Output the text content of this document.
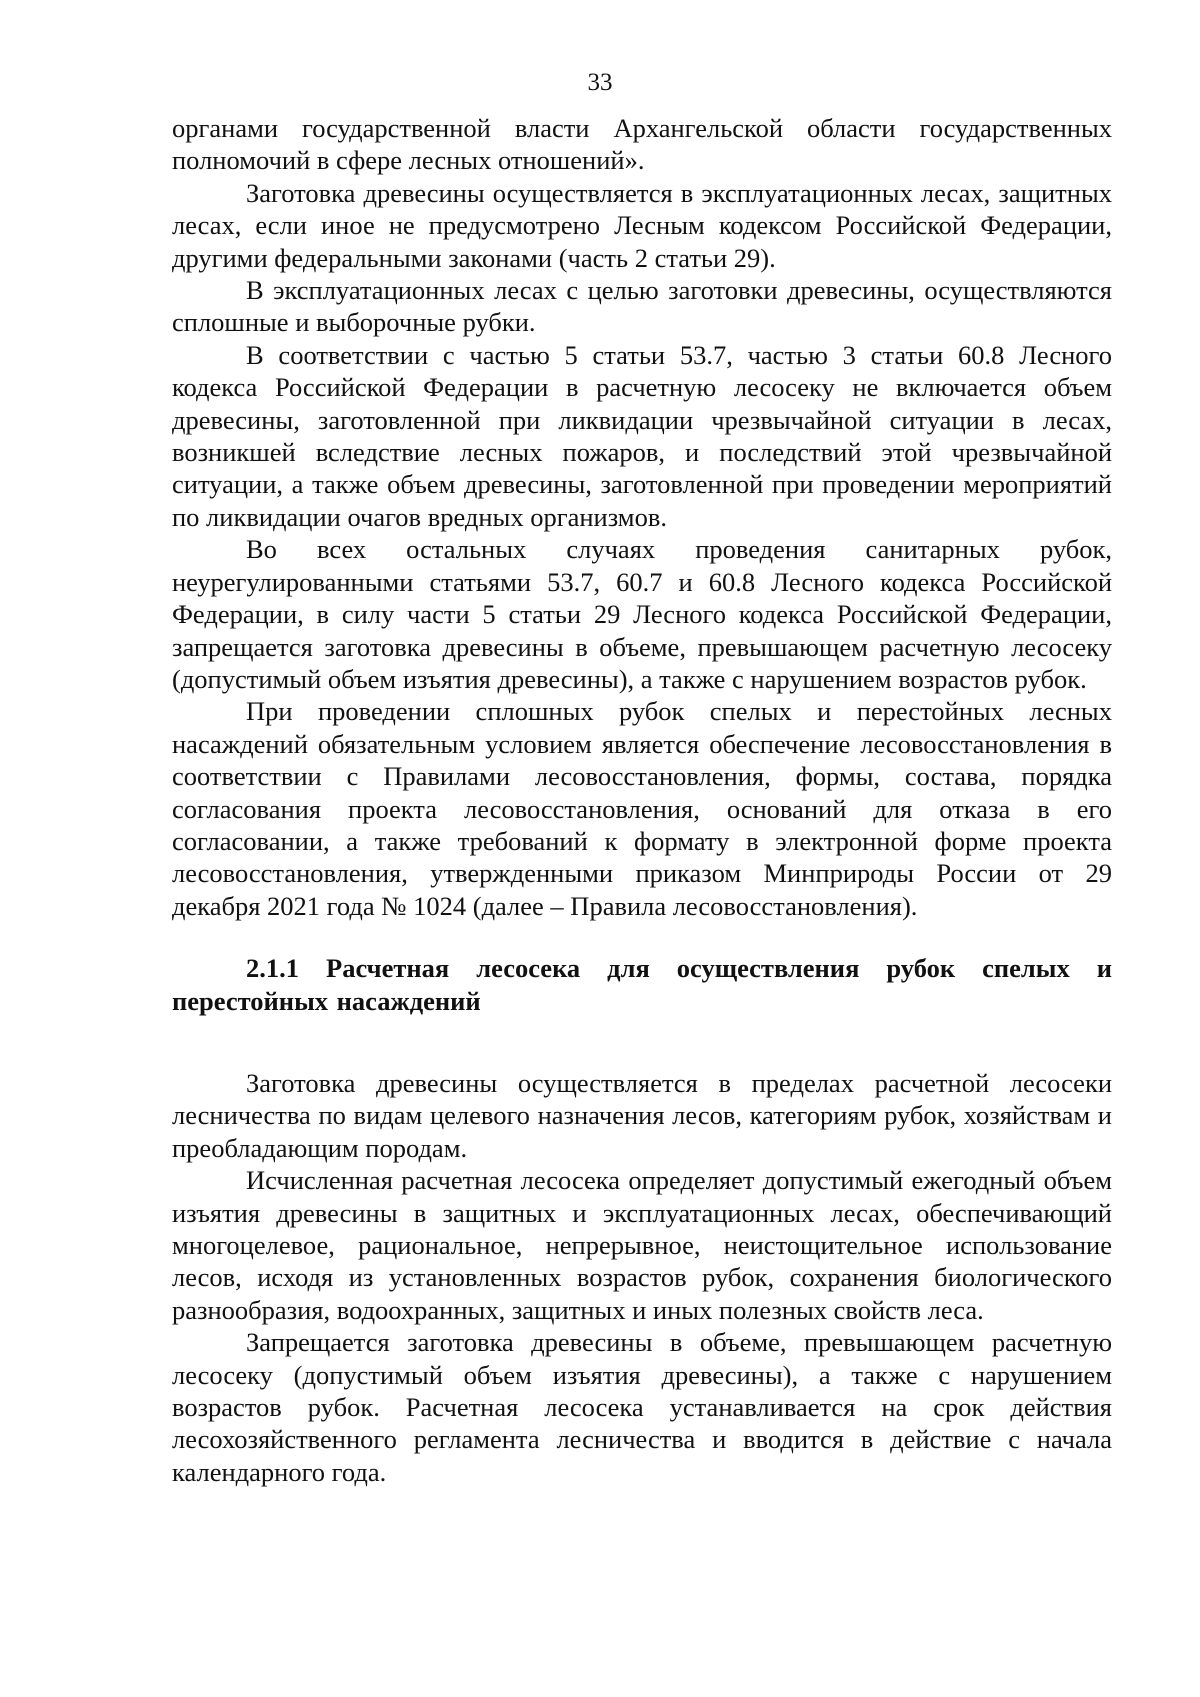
33

органами государственной власти Архангельской области государственных полномочий в сфере лесных отношений».

Заготовка древесины осуществляется в эксплуатационных лесах, защитных лесах, если иное не предусмотрено Лесным кодексом Российской Федерации, другими федеральными законами (часть 2 статьи 29).

В эксплуатационных лесах с целью заготовки древесины, осуществляются сплошные и выборочные рубки.

В соответствии с частью 5 статьи 53.7, частью 3 статьи 60.8 Лесного кодекса Российской Федерации в расчетную лесосеку не включается объем древесины, заготовленной при ликвидации чрезвычайной ситуации в лесах, возникшей вследствие лесных пожаров, и последствий этой чрезвычайной ситуации, а также объем древесины, заготовленной при проведении мероприятий по ликвидации очагов вредных организмов.

Во всех остальных случаях проведения санитарных рубок, неурегулированными статьями 53.7, 60.7 и 60.8 Лесного кодекса Российской Федерации, в силу части 5 статьи 29 Лесного кодекса Российской Федерации, запрещается заготовка древесины в объеме, превышающем расчетную лесосеку (допустимый объем изъятия древесины), а также с нарушением возрастов рубок.

При проведении сплошных рубок спелых и перестойных лесных насаждений обязательным условием является обеспечение лесовосстановления в соответствии с Правилами лесовосстановления, формы, состава, порядка согласования проекта лесовосстановления, оснований для отказа в его согласовании, а также требований к формату в электронной форме проекта лесовосстановления, утвержденными приказом Минприроды России от 29 декабря 2021 года № 1024 (далее – Правила лесовосстановления).

2.1.1 Расчетная лесосека для осуществления рубок спелых и перестойных насаждений

Заготовка древесины осуществляется в пределах расчетной лесосеки лесничества по видам целевого назначения лесов, категориям рубок, хозяйствам и преобладающим породам.

Исчисленная расчетная лесосека определяет допустимый ежегодный объем изъятия древесины в защитных и эксплуатационных лесах, обеспечивающий многоцелевое, рациональное, непрерывное, неистощительное использование лесов, исходя из установленных возрастов рубок, сохранения биологического разнообразия, водоохранных, защитных и иных полезных свойств леса.

Запрещается заготовка древесины в объеме, превышающем расчетную лесосеку (допустимый объем изъятия древесины), а также с нарушением возрастов рубок. Расчетная лесосека устанавливается на срок действия лесохозяйственного регламента лесничества и вводится в действие с начала календарного года.
